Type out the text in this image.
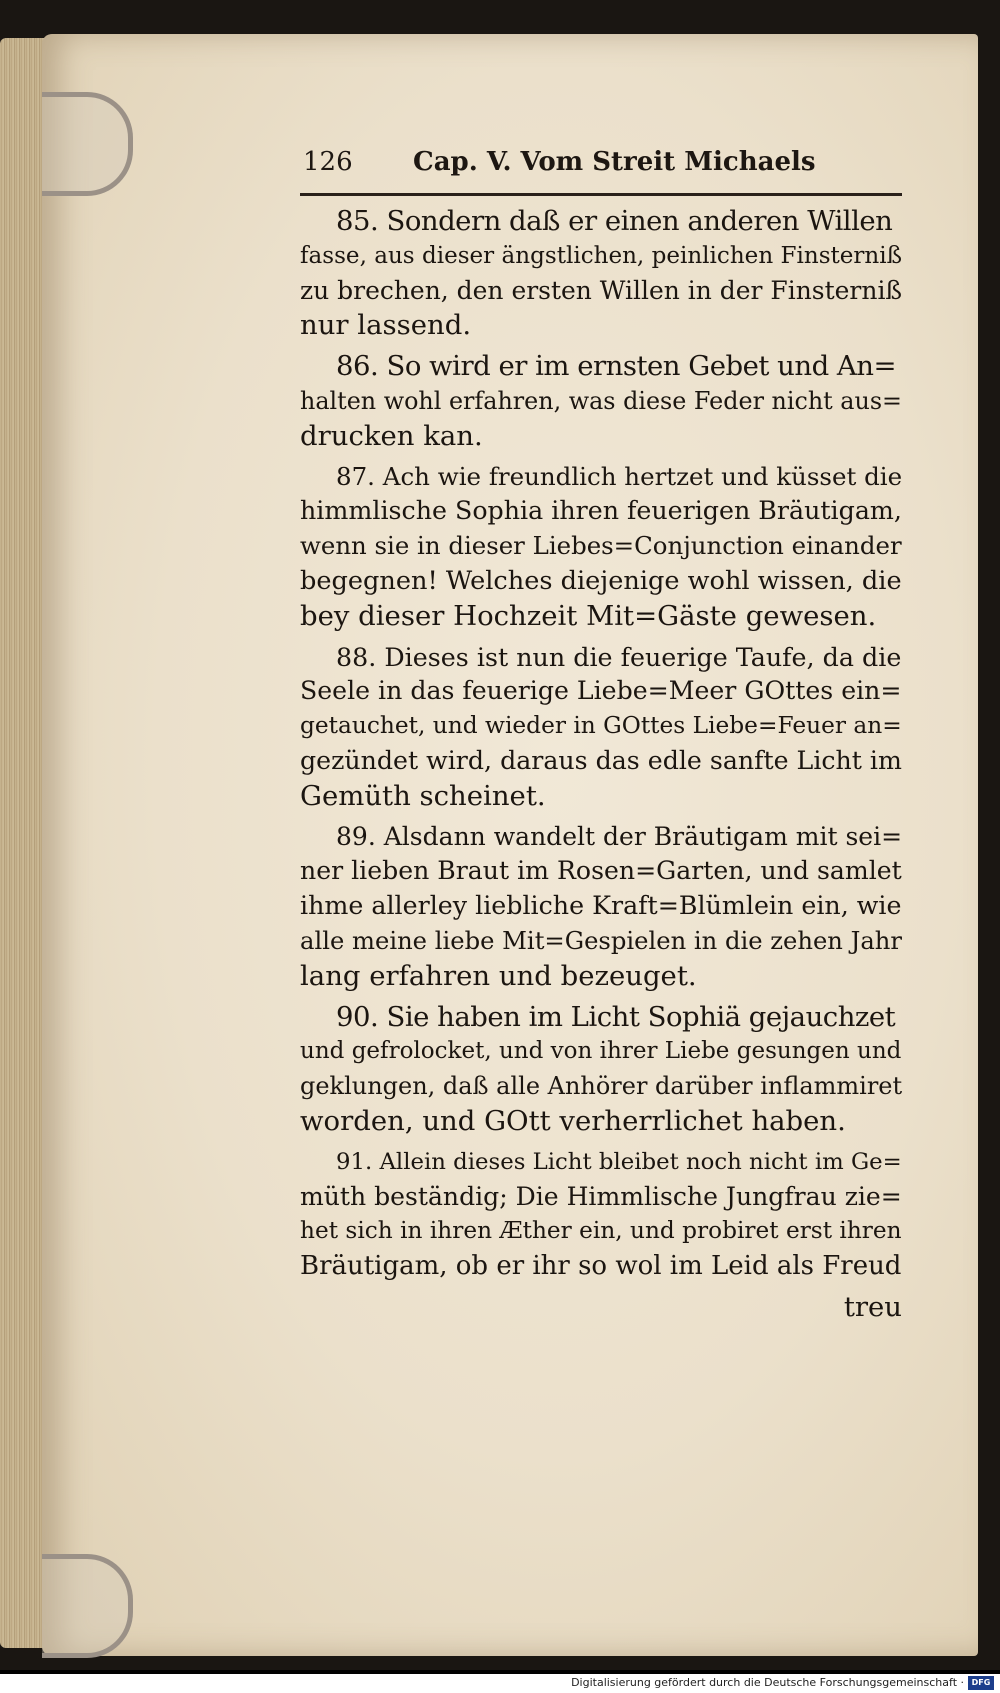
126 Cap. V. Vom Streit Michaels
85. Sondern daß er einen anderen Willen
fasse, aus dieser ängstlichen, peinlichen Finsterniß
zu brechen, den ersten Willen in der Finsterniß
nur lassend.
86. So wird er im ernsten Gebet und An=
halten wohl erfahren, was diese Feder nicht aus=
drucken kan.
87. Ach wie freundlich hertzet und küsset die
himmlische Sophia ihren feuerigen Bräutigam,
wenn sie in dieser Liebes=Conjunction einander
begegnen! Welches diejenige wohl wissen, die
bey dieser Hochzeit Mit=Gäste gewesen.
88. Dieses ist nun die feuerige Taufe, da die
Seele in das feuerige Liebe=Meer GOttes ein=
getauchet, und wieder in GOttes Liebe=Feuer an=
gezündet wird, daraus das edle sanfte Licht im
Gemüth scheinet.
89. Alsdann wandelt der Bräutigam mit sei=
ner lieben Braut im Rosen=Garten, und samlet
ihme allerley liebliche Kraft=Blümlein ein, wie
alle meine liebe Mit=Gespielen in die zehen Jahr
lang erfahren und bezeuget.
90. Sie haben im Licht Sophiä gejauchzet
und gefrolocket, und von ihrer Liebe gesungen und
geklungen, daß alle Anhörer darüber inflammiret
worden, und GOtt verherrlichet haben.
91. Allein dieses Licht bleibet noch nicht im Ge=
müth beständig; Die Himmlische Jungfrau zie=
het sich in ihren Æther ein, und probiret erst ihren
Bräutigam, ob er ihr so wol im Leid als Freud
treu
Digitalisierung gefördert durch die Deutsche Forschungsgemeinschaft · DFG
